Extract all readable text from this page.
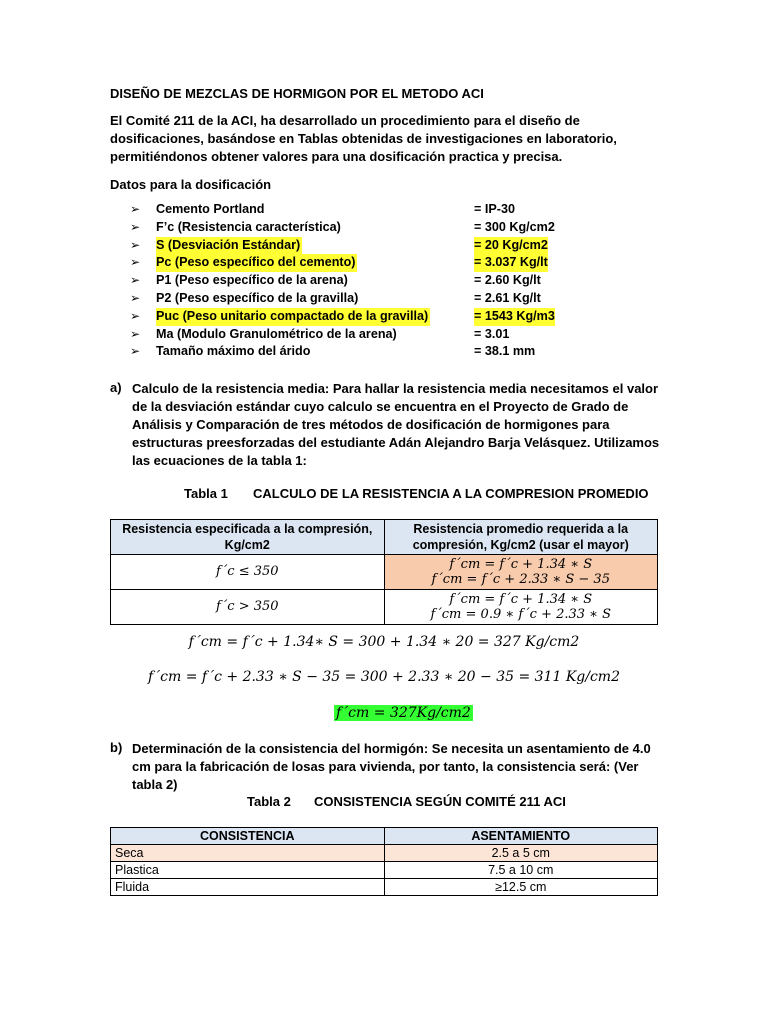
DISEÑO DE MEZCLAS DE HORMIGON POR EL METODO ACI
El Comité 211 de la ACI, ha desarrollado un procedimiento para el diseño de dosificaciones, basándose en Tablas obtenidas de investigaciones en laboratorio, permitiéndonos obtener valores para una dosificación practica y precisa.
Datos para la dosificación
➢	Cemento Portland	= IP-30
➢	F’c (Resistencia característica)	= 300 Kg/cm2
➢	S (Desviación Estándar)	= 20 Kg/cm2
➢	Pc (Peso específico del cemento)	= 3.037 Kg/lt
➢	P1 (Peso específico de la arena)	= 2.60 Kg/lt
➢	P2 (Peso específico de la gravilla)	= 2.61 Kg/lt
➢	Puc (Peso unitario compactado de la gravilla)	= 1543 Kg/m3
➢	Ma (Modulo Granulométrico de la arena)	= 3.01
➢	Tamaño máximo del árido	= 38.1 mm
a) Calculo de la resistencia media: Para hallar la resistencia media necesitamos el valor de la desviación estándar cuyo calculo se encuentra en el Proyecto de Grado de Análisis y Comparación de tres métodos de dosificación de hormigones para estructuras preesforzadas del estudiante Adán Alejandro Barja Velásquez. Utilizamos las ecuaciones de la tabla 1:
Tabla 1 CALCULO DE LA RESISTENCIA A LA COMPRESION PROMEDIO
Resistencia especificada a la compresión, Kg/cm2	Resistencia promedio requerida a la compresión, Kg/cm2 (usar el mayor)
f´c ≤ 350	f´cm = f´c + 1.34 ∗ S
f´cm = f´c + 2.33 ∗ S − 35

f´c > 350	f´cm = f´c + 1.34 ∗ S
f´cm = 0.9 ∗ f´c + 2.33 ∗ S
f´cm = f´c + 1.34∗ S = 300 + 1.34 ∗ 20 = 327 Kg/cm2
f´cm = f´c + 2.33 ∗ S − 35 = 300 + 2.33 ∗ 20 − 35 = 311 Kg/cm2
f´cm = 327Kg/cm2
b) Determinación de la consistencia del hormigón: Se necesita un asentamiento de 4.0 cm para la fabricación de losas para vivienda, por tanto, la consistencia será: (Ver tabla 2)
Tabla 2 CONSISTENCIA SEGÚN COMITÉ 211 ACI
CONSISTENCIA	ASENTAMIENTO
Seca	2.5 a 5 cm
Plastica	7.5 a 10 cm
Fluida	≥12.5 cm
